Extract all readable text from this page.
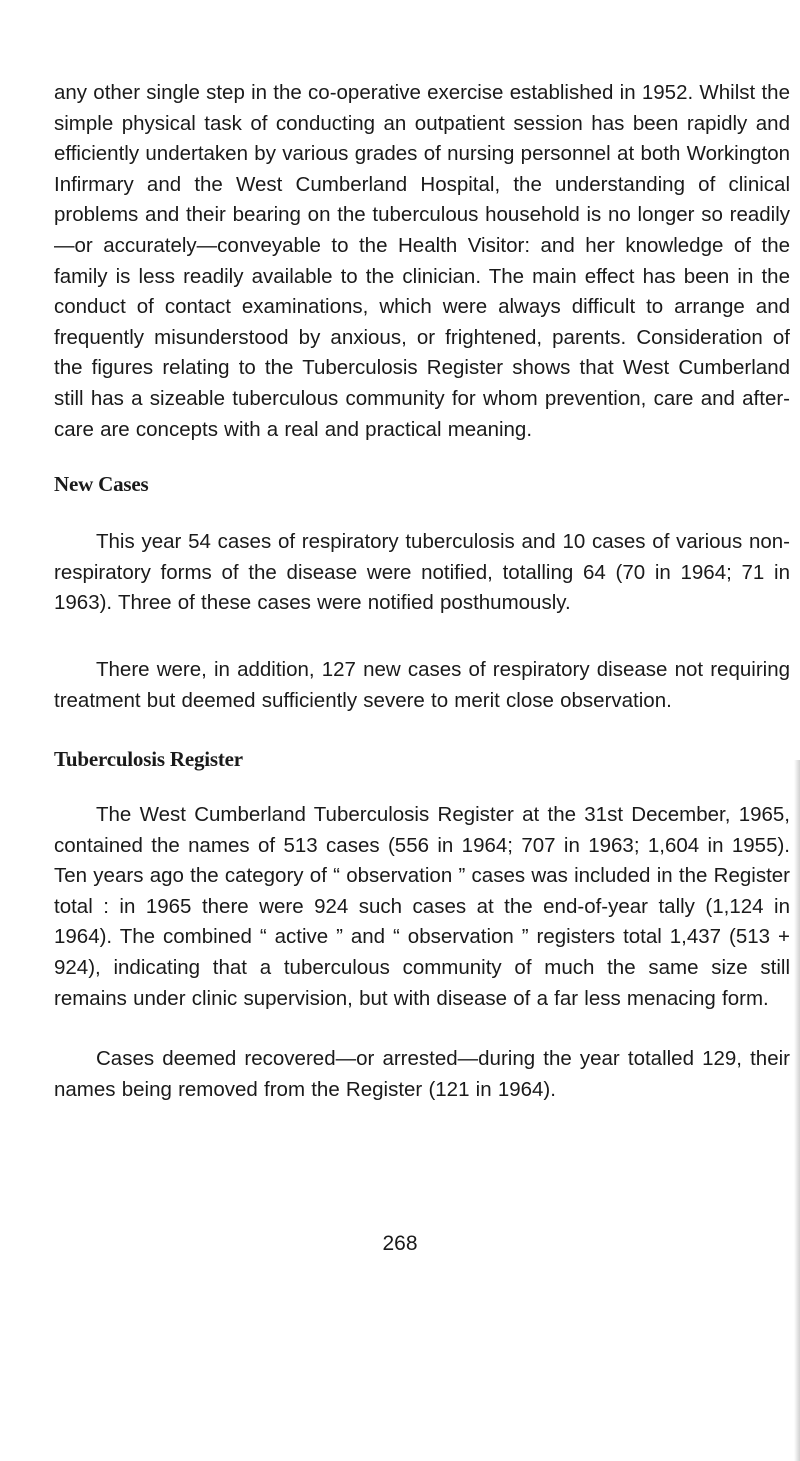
any other single step in the co-operative exercise established in 1952. Whilst the simple physical task of conducting an outpatient session has been rapidly and efficiently undertaken by various grades of nursing personnel at both Workington Infirmary and the West Cumberland Hospital, the understanding of clinical problems and their bearing on the tuberculous household is no longer so readily—or accurately—conveyable to the Health Visitor: and her knowledge of the family is less readily available to the clinician. The main effect has been in the conduct of contact examinations, which were always difficult to arrange and frequently misunderstood by anxious, or frightened, parents. Consideration of the figures relating to the Tuberculosis Register shows that West Cumberland still has a sizeable tuberculous community for whom prevention, care and after-care are concepts with a real and practical meaning.

New Cases

This year 54 cases of respiratory tuberculosis and 10 cases of various non-respiratory forms of the disease were notified, totalling 64 (70 in 1964; 71 in 1963). Three of these cases were notified posthumously.

There were, in addition, 127 new cases of respiratory disease not requiring treatment but deemed sufficiently severe to merit close observation.

Tuberculosis Register

The West Cumberland Tuberculosis Register at the 31st December, 1965, contained the names of 513 cases (556 in 1964; 707 in 1963; 1,604 in 1955). Ten years ago the category of “ observation ” cases was included in the Register total : in 1965 there were 924 such cases at the end-of-year tally (1,124 in 1964). The combined “ active ” and “ observation ” registers total 1,437 (513 + 924), indicating that a tuberculous community of much the same size still remains under clinic supervision, but with disease of a far less menacing form.

Cases deemed recovered—or arrested—during the year totalled 129, their names being removed from the Register (121 in 1964).

268
